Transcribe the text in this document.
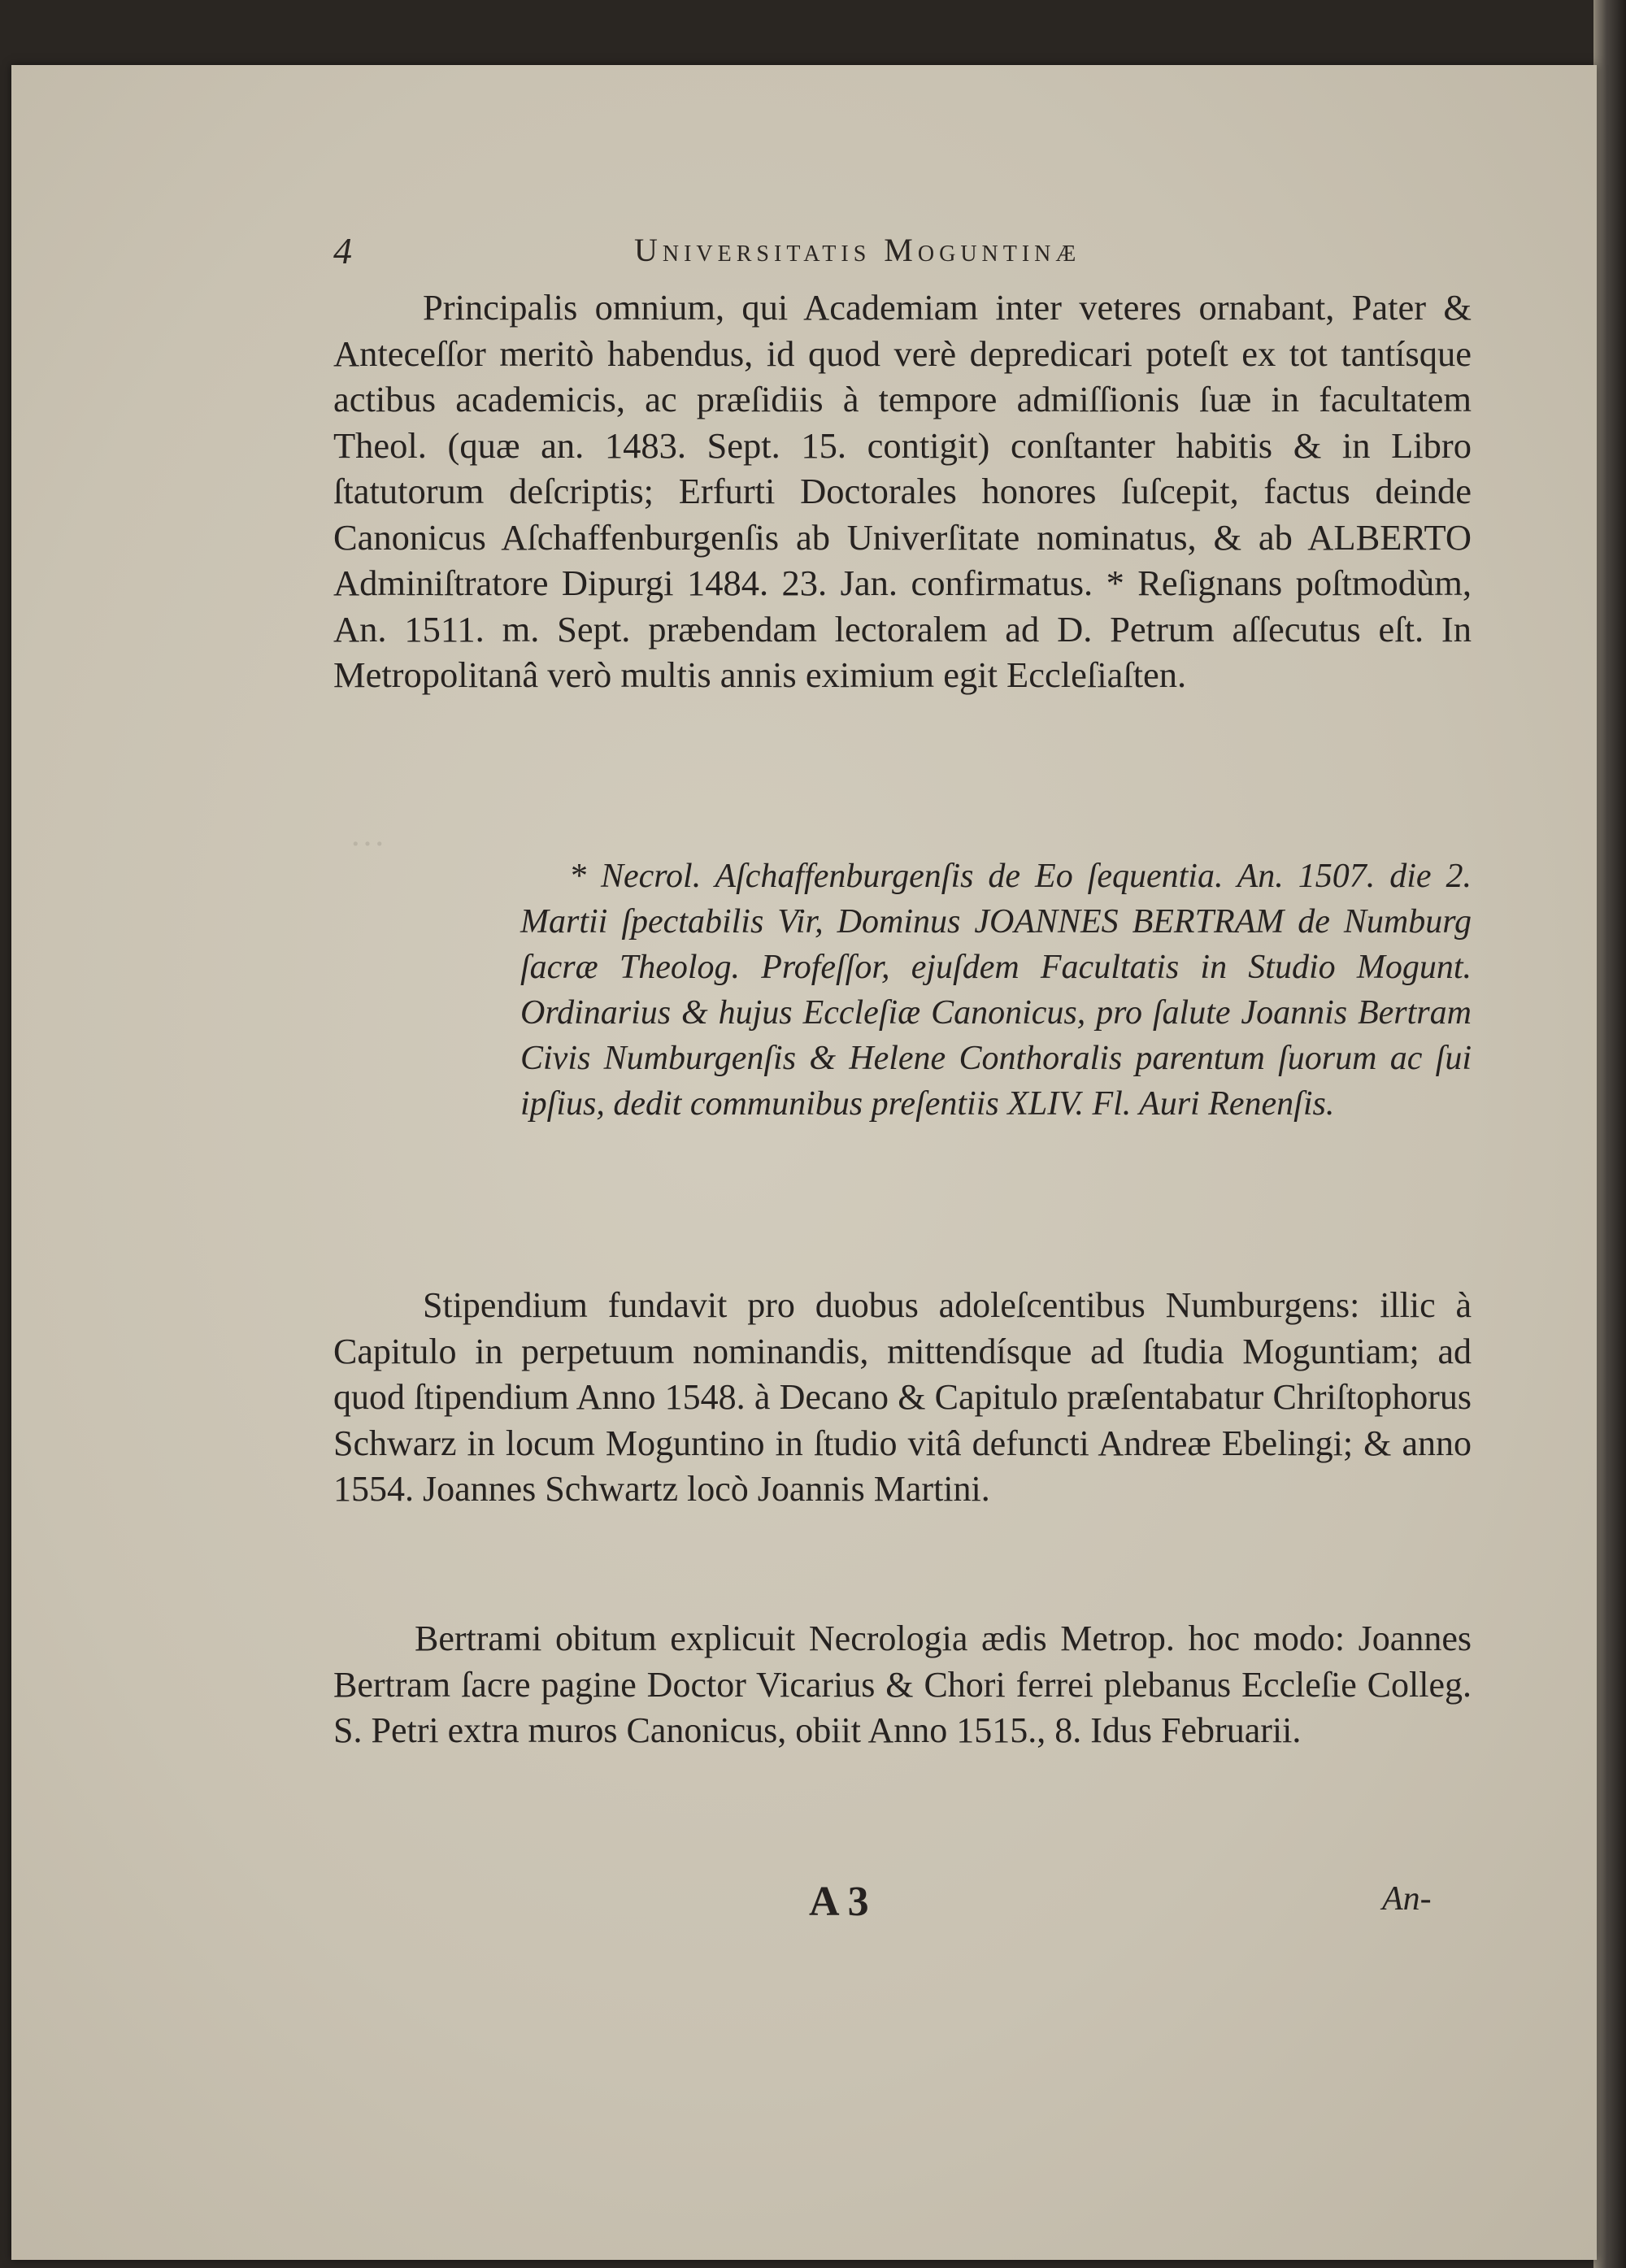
…
4	Universitatis Moguntinæ
Principalis omnium, qui Academiam inter veteres ornabant, Pater & Anteceſſor meritò habendus, id quod verè depredicari poteſt ex tot tantísque actibus academicis, ac præſidiis à tempore admiſſionis ſuæ in facultatem Theol. (quæ an. 1483. Sept. 15. contigit) conſtanter habitis & in Libro ſtatutorum deſcriptis; Erfurti Doctorales honores ſuſcepit, factus deinde Canonicus Aſchaffenburgenſis ab Univerſitate nominatus, & ab ALBERTO Adminiſtratore Dipurgi 1484. 23. Jan. confirmatus. * Reſignans poſtmodùm, An. 1511. m. Sept. præbendam lectoralem ad D. Petrum aſſecutus eſt. In Metropolitanâ verò multis annis eximium egit Eccleſiaſten.
* Necrol. Aſchaffenburgenſis de Eo ſequentia. An. 1507. die 2. Martii ſpectabilis Vir, Dominus JOANNES BERTRAM de Numburg ſacræ Theolog. Profeſſor, ejuſdem Facultatis in Studio Mogunt. Ordinarius & hujus Eccleſiæ Canonicus, pro ſalute Joannis Bertram Civis Numburgenſis & Helene Conthoralis parentum ſuorum ac ſui ipſius, dedit communibus preſentiis XLIV. Fl. Auri Renenſis.
Stipendium fundavit pro duobus adoleſcentibus Numburgens: illic à Capitulo in perpetuum nominandis, mittendísque ad ſtudia Moguntiam; ad quod ſtipendium Anno 1548. à Decano & Capitulo præſentabatur Chriſtophorus Schwarz in locum Moguntino in ſtudio vitâ defuncti Andreæ Ebelingi; & anno 1554. Joannes Schwartz locò Joannis Martini.
Bertrami obitum explicuit Necrologia ædis Metrop. hoc modo: Joannes Bertram ſacre pagine Doctor Vicarius & Chori ferrei plebanus Eccleſie Colleg. S. Petri extra muros Canonicus, obiit Anno 1515., 8. Idus Februarii.
A 3	An-
